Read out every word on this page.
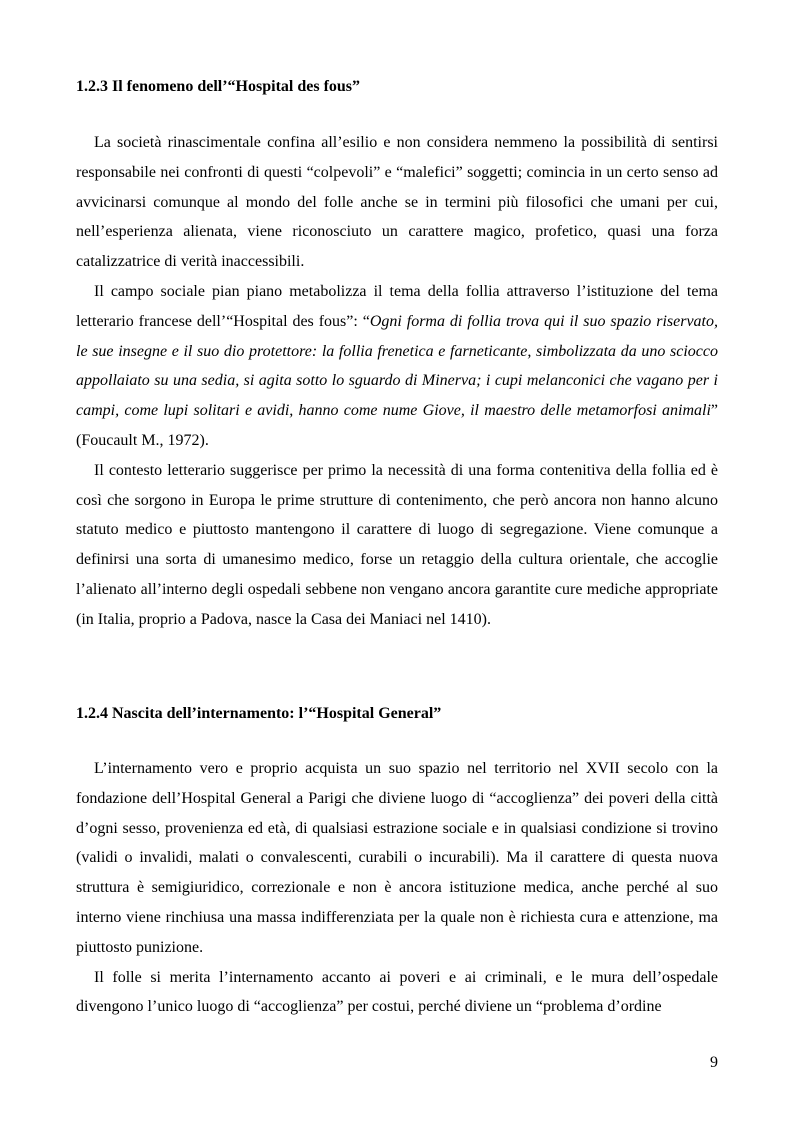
1.2.3 Il fenomeno dell’“Hospital des fous”

La società rinascimentale confina all’esilio e non considera nemmeno la possibilità di sentirsi responsabile nei confronti di questi “colpevoli” e “malefici” soggetti; comincia in un certo senso ad avvicinarsi comunque al mondo del folle anche se in termini più filosofici che umani per cui, nell’esperienza alienata, viene riconosciuto un carattere magico, profetico, quasi una forza catalizzatrice di verità inaccessibili.

Il campo sociale pian piano metabolizza il tema della follia attraverso l’istituzione del tema letterario francese dell’“Hospital des fous”: “Ogni forma di follia trova qui il suo spazio riservato, le sue insegne e il suo dio protettore: la follia frenetica e farneticante, simbolizzata da uno sciocco appollaiato su una sedia, si agita sotto lo sguardo di Minerva; i cupi melanconici che vagano per i campi, come lupi solitari e avidi, hanno come nume Giove, il maestro delle metamorfosi animali” (Foucault M., 1972).

Il contesto letterario suggerisce per primo la necessità di una forma contenitiva della follia ed è così che sorgono in Europa le prime strutture di contenimento, che però ancora non hanno alcuno statuto medico e piuttosto mantengono il carattere di luogo di segregazione. Viene comunque a definirsi una sorta di umanesimo medico, forse un retaggio della cultura orientale, che accoglie l’alienato all’interno degli ospedali sebbene non vengano ancora garantite cure mediche appropriate (in Italia, proprio a Padova, nasce la Casa dei Maniaci nel 1410).

1.2.4 Nascita dell’internamento: l’“Hospital General”

L’internamento vero e proprio acquista un suo spazio nel territorio nel XVII secolo con la fondazione dell’Hospital General a Parigi che diviene luogo di “accoglienza” dei poveri della città d’ogni sesso, provenienza ed età, di qualsiasi estrazione sociale e in qualsiasi condizione si trovino (validi o invalidi, malati o convalescenti, curabili o incurabili). Ma il carattere di questa nuova struttura è semigiuridico, correzionale e non è ancora istituzione medica, anche perché al suo interno viene rinchiusa una massa indifferenziata per la quale non è richiesta cura e attenzione, ma piuttosto punizione.

Il folle si merita l’internamento accanto ai poveri e ai criminali, e le mura dell’ospedale divengono l’unico luogo di “accoglienza” per costui, perché diviene un “problema d’ordine

9
